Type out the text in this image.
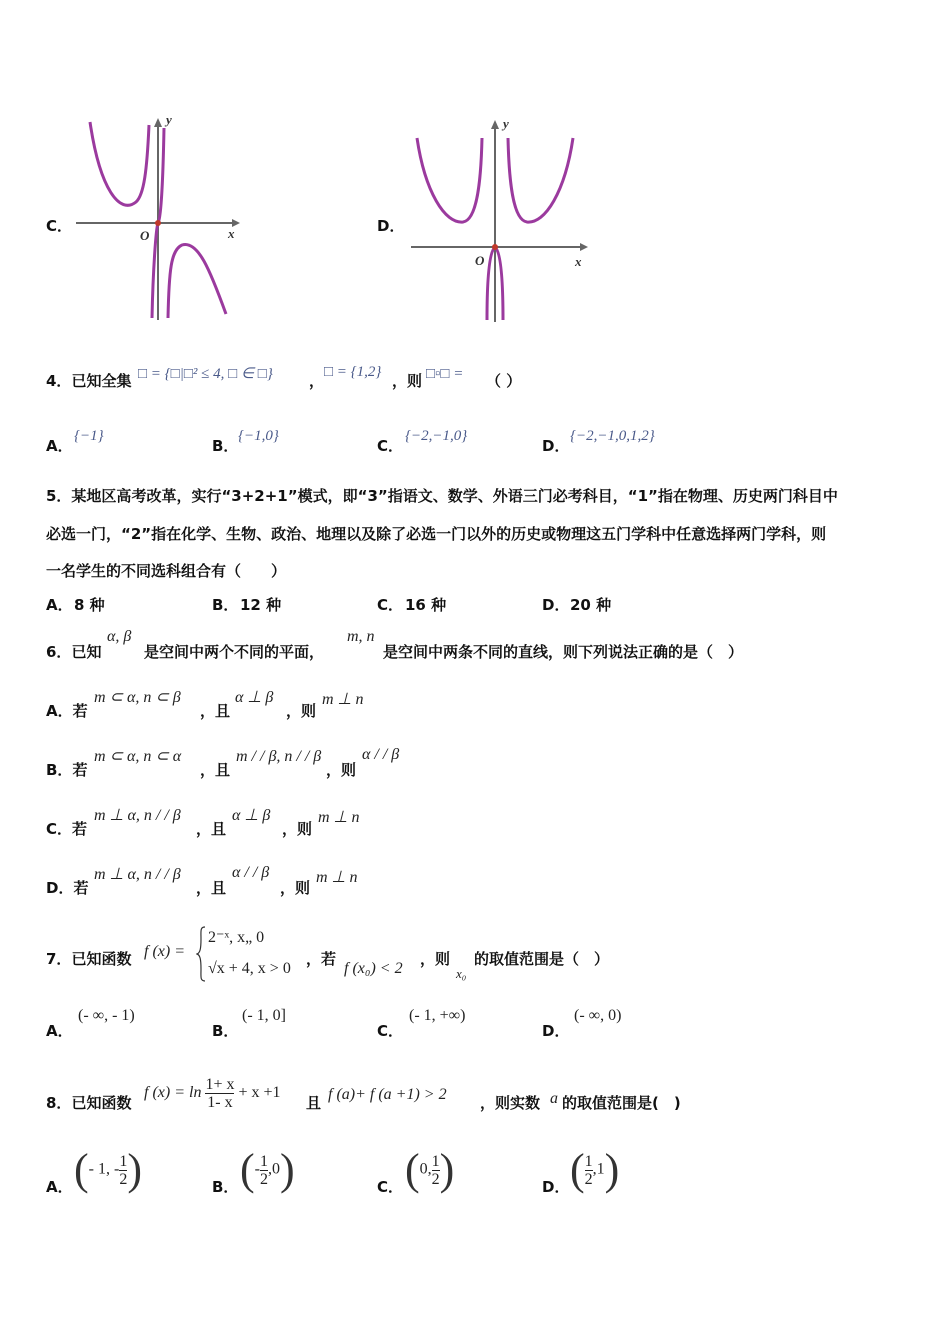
C．
y
x
O
D．
y
x
O
4．已知全集 □ = {□|□² ≤ 4, □ ∈ □} ， □ = {1,2} ，则 □▫□ = （ ）
A．
{−1}
B．
{−1,0}
C．
{−2,−1,0}
D．
{−2,−1,0,1,2}
5．某地区高考改革，实行“3+2+1”模式，即“3”指语文、数学、外语三门必考科目，“1”指在物理、历史两门科目中
必选一门，“2”指在化学、生物、政治、地理以及除了必选一门以外的历史或物理这五门学科中任意选择两门学科，则
一名学生的不同选科组合有（　　）
A． 8 种	B． 12 种	C． 16 种	D． 20 种
6．已知
α, β
是空间中两个不同的平面，
m, n
是空间中两条不同的直线，则下列说法正确的是（　）
A．若
m ⊂ α, n ⊂ β
，且
α ⊥ β
，则
m ⊥ n
B．若
m ⊂ α, n ⊂ α
，且
m / / β, n / / β
，则
α / / β
C．若
m ⊥ α, n / / β
，且
α ⊥ β
，则
m ⊥ n
D．若
m ⊥ α, n / / β
，且
α / / β
，则
m ⊥ n
7．已知函数 f (x) =
2⁻ˣ, x„ 0
√x + 4, x > 0
，若
f (x₀) < 2
，则
x₀
的取值范围是（　）
A．
(- ∞, - 1)
B．
(- 1, 0]
C．
(- 1, +∞)
D．
(- ∞, 0)
8．已知函数
f $(x) = \ln \frac{1+ x}{1- x} + x +1$
且 f (a)+ f (a +1) > 2 ，则实数 a 的取值范围是(　)
A． (- 1, - $\frac{1}{2}$ )	B． (- $\frac{1}{2} ,0$)	C． (0, $\frac{1}{2}$ )	D． ( $\frac{1}{2} ,1$)
